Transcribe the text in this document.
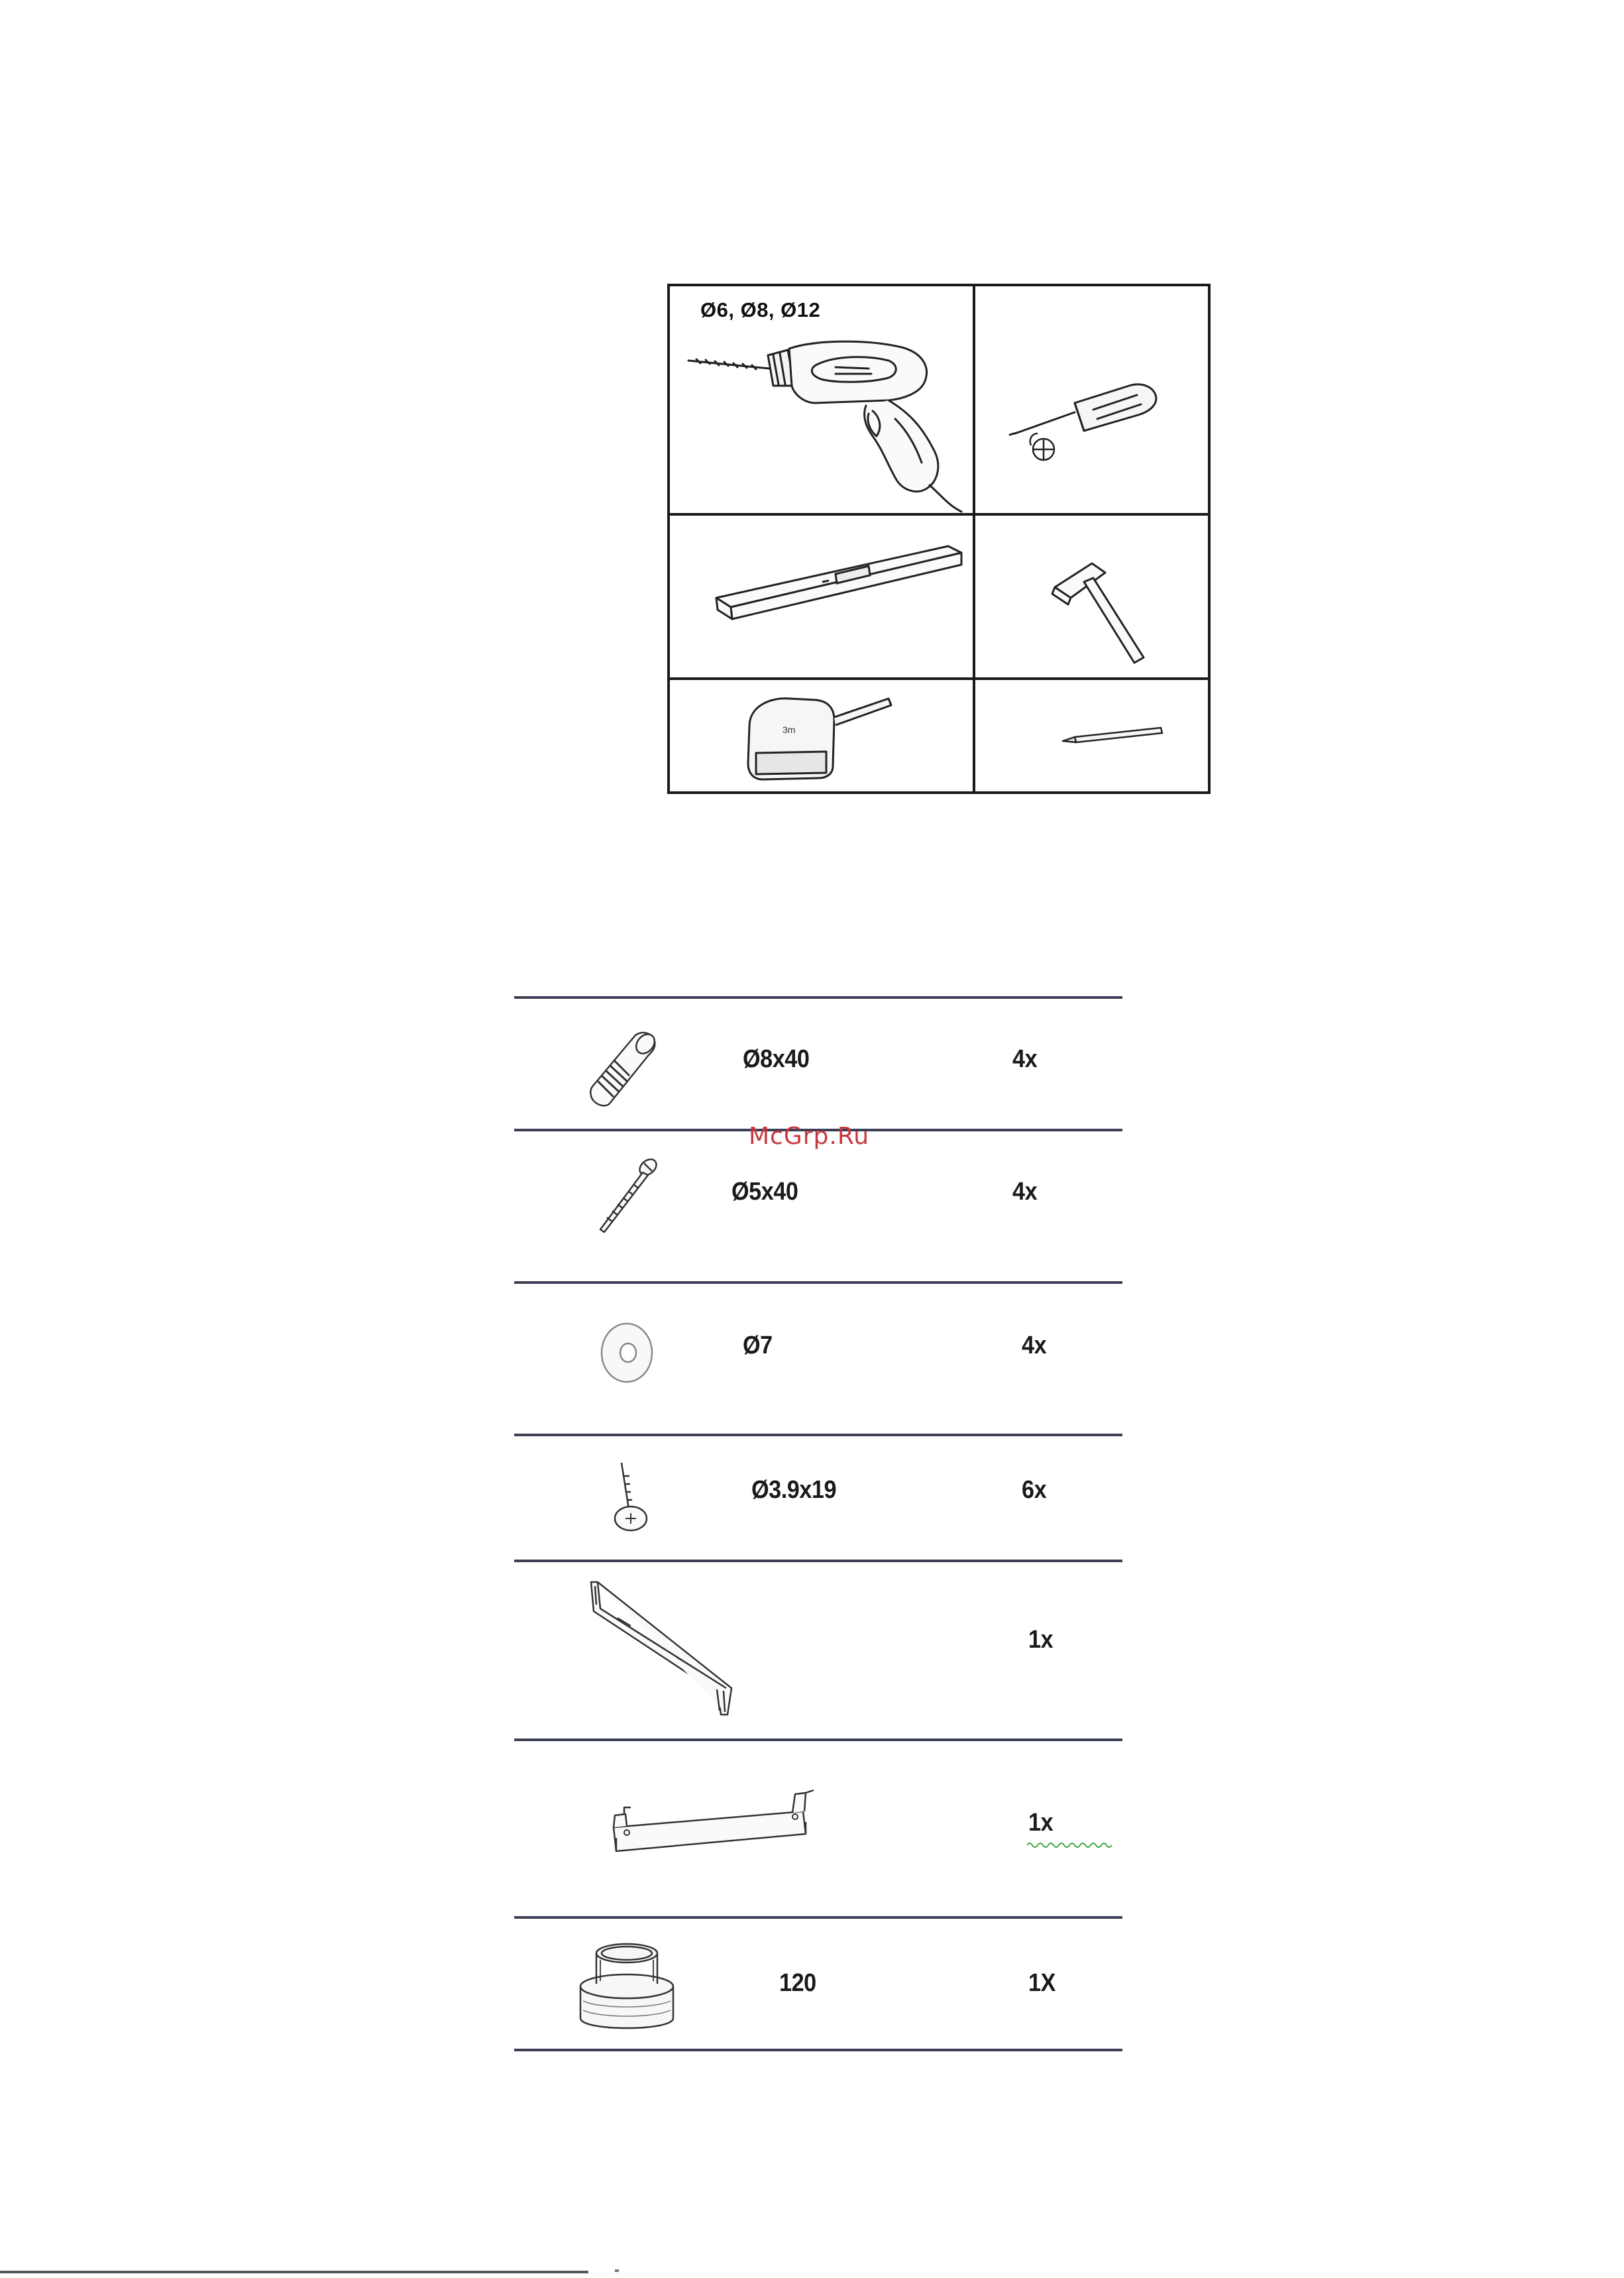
Ø6, Ø8, Ø12
3m
Ø8x40	4x
Ø5x40	4x
Ø7	4x
Ø3.9x19	6x
1x
1x
120	1X
McGrp.Ru
